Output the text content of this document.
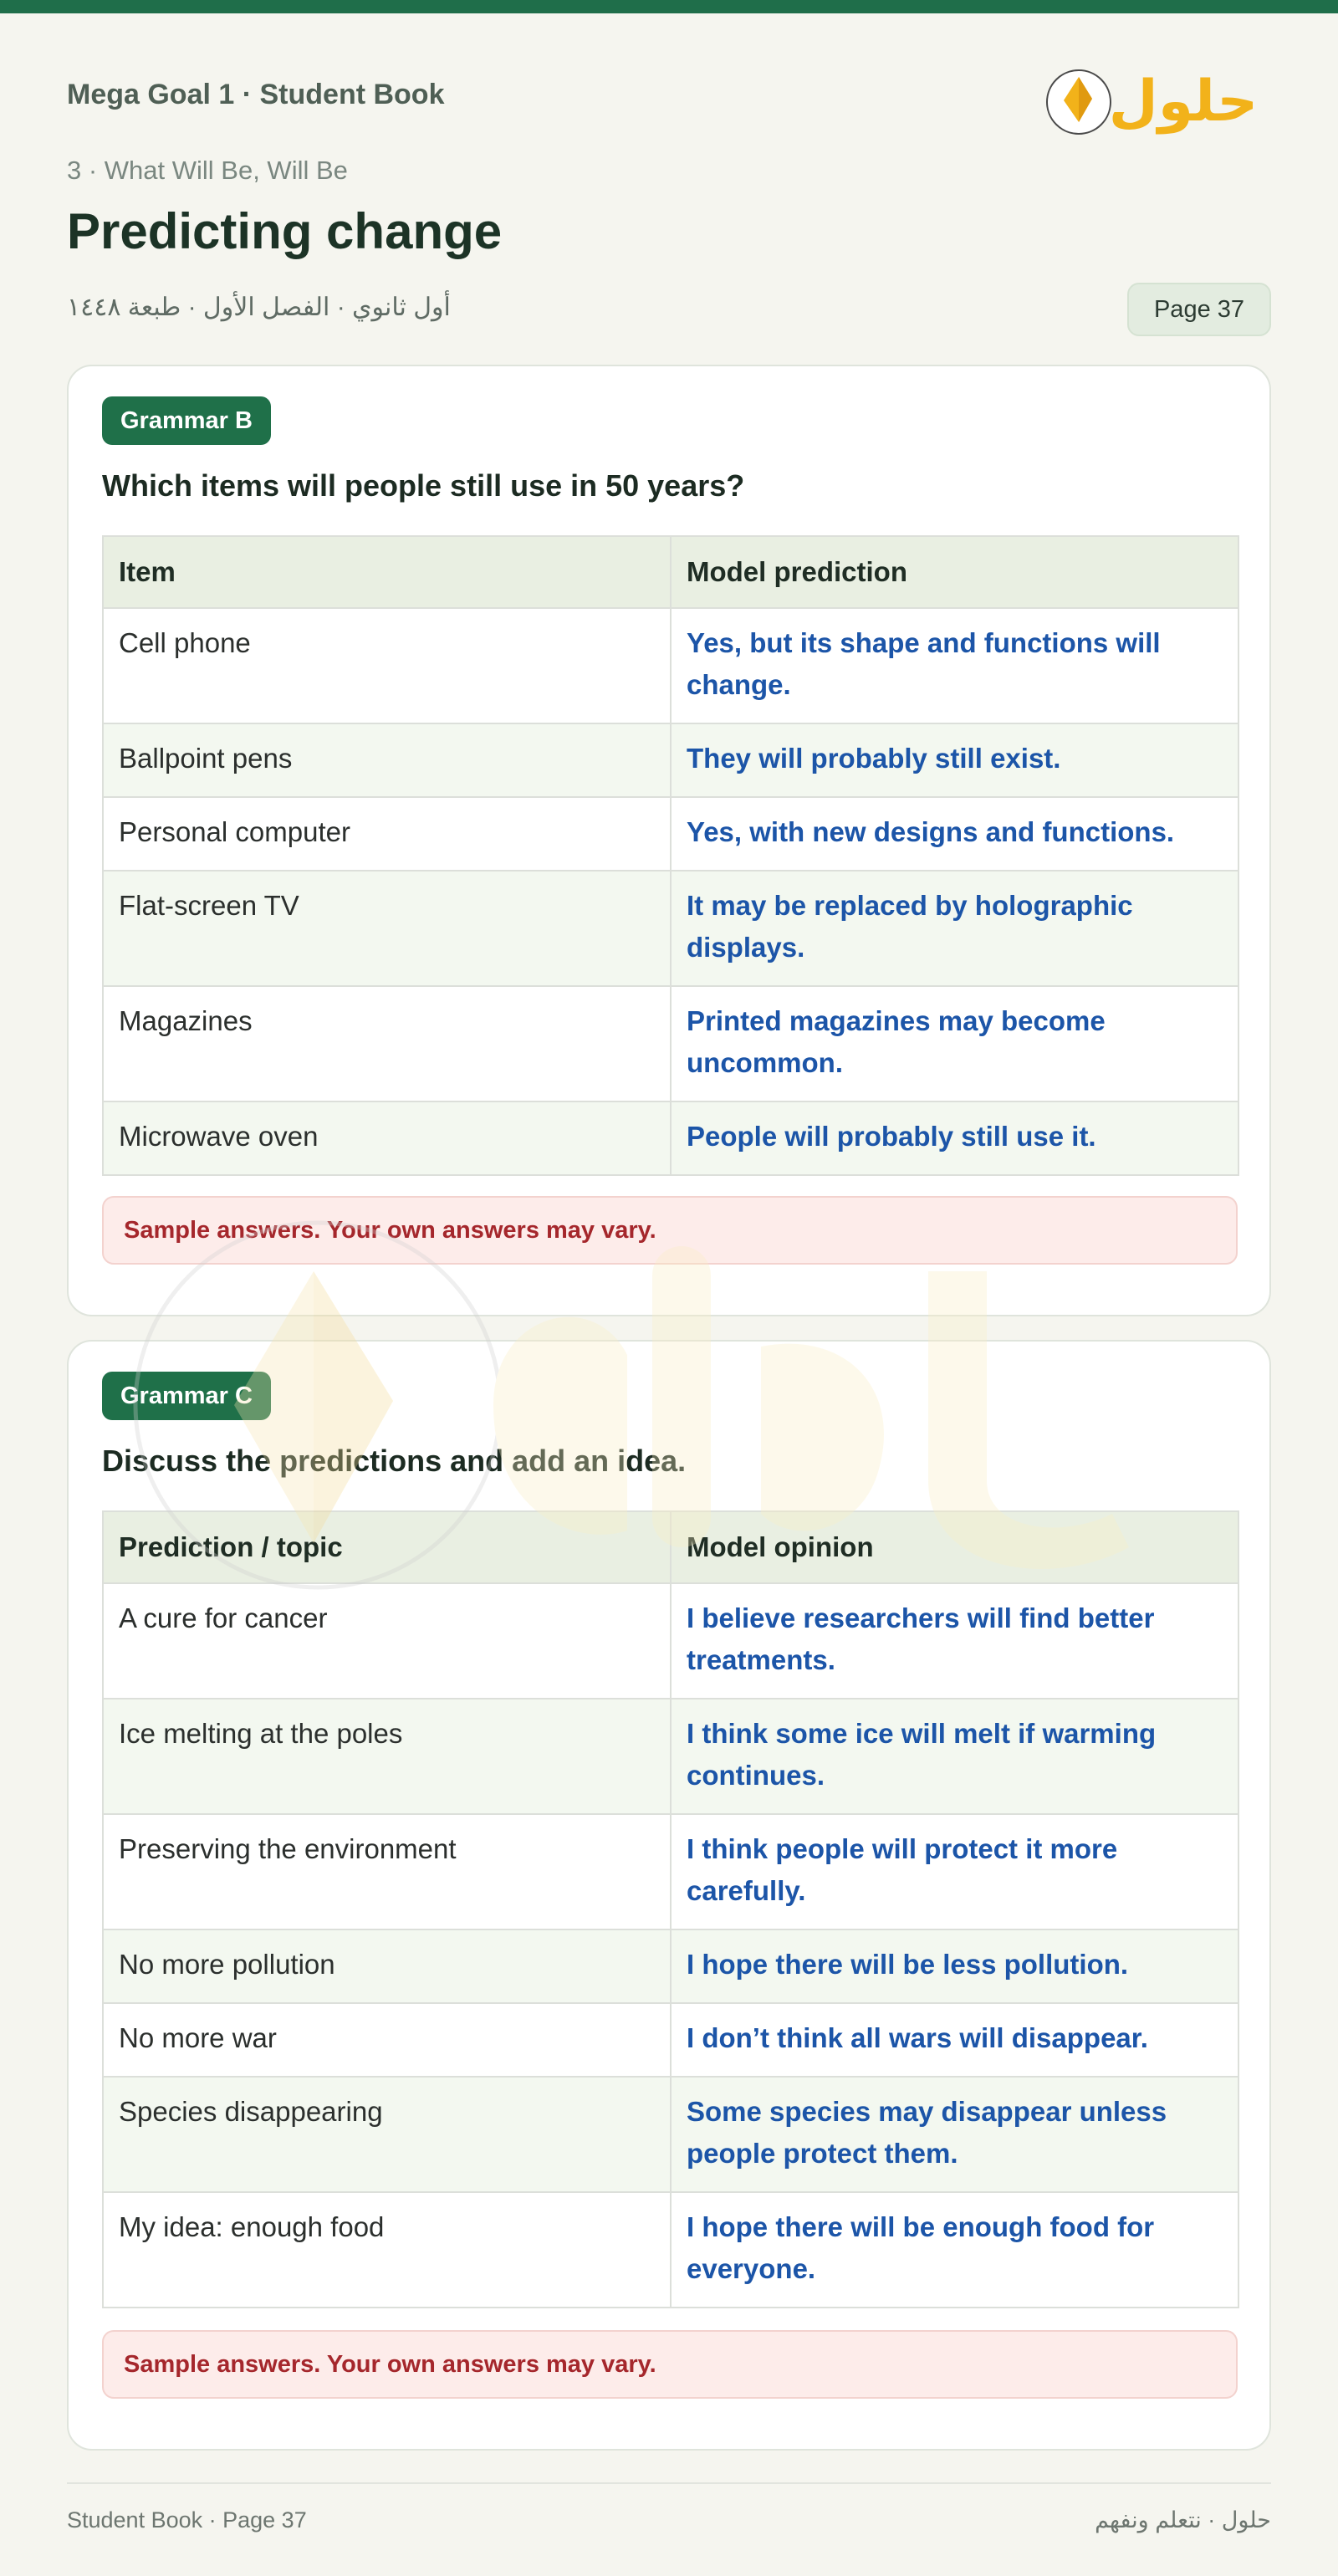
Mega Goal 1 · Student Book	حلول
3 · What Will Be, Will Be
Predicting change
أول ثانوي · الفصل الأول · طبعة ١٤٤٨	Page 37
Grammar B
Which items will people still use in 50 years?
Item	Model prediction
Cell phone	Yes, but its shape and functions will change.
Ballpoint pens	They will probably still exist.
Personal computer	Yes, with new designs and functions.
Flat-screen TV	It may be replaced by holographic displays.
Magazines	Printed magazines may become uncommon.
Microwave oven	People will probably still use it.
Sample answers. Your own answers may vary.
Grammar C
Discuss the predictions and add an idea.
Prediction / topic	Model opinion
A cure for cancer	I believe researchers will find better treatments.
Ice melting at the poles	I think some ice will melt if warming continues.
Preserving the environment	I think people will protect it more carefully.
No more pollution	I hope there will be less pollution.
No more war	I don’t think all wars will disappear.
Species disappearing	Some species may disappear unless people protect them.
My idea: enough food	I hope there will be enough food for everyone.
Sample answers. Your own answers may vary.
Student Book · Page 37	حلول · نتعلم ونفهم
